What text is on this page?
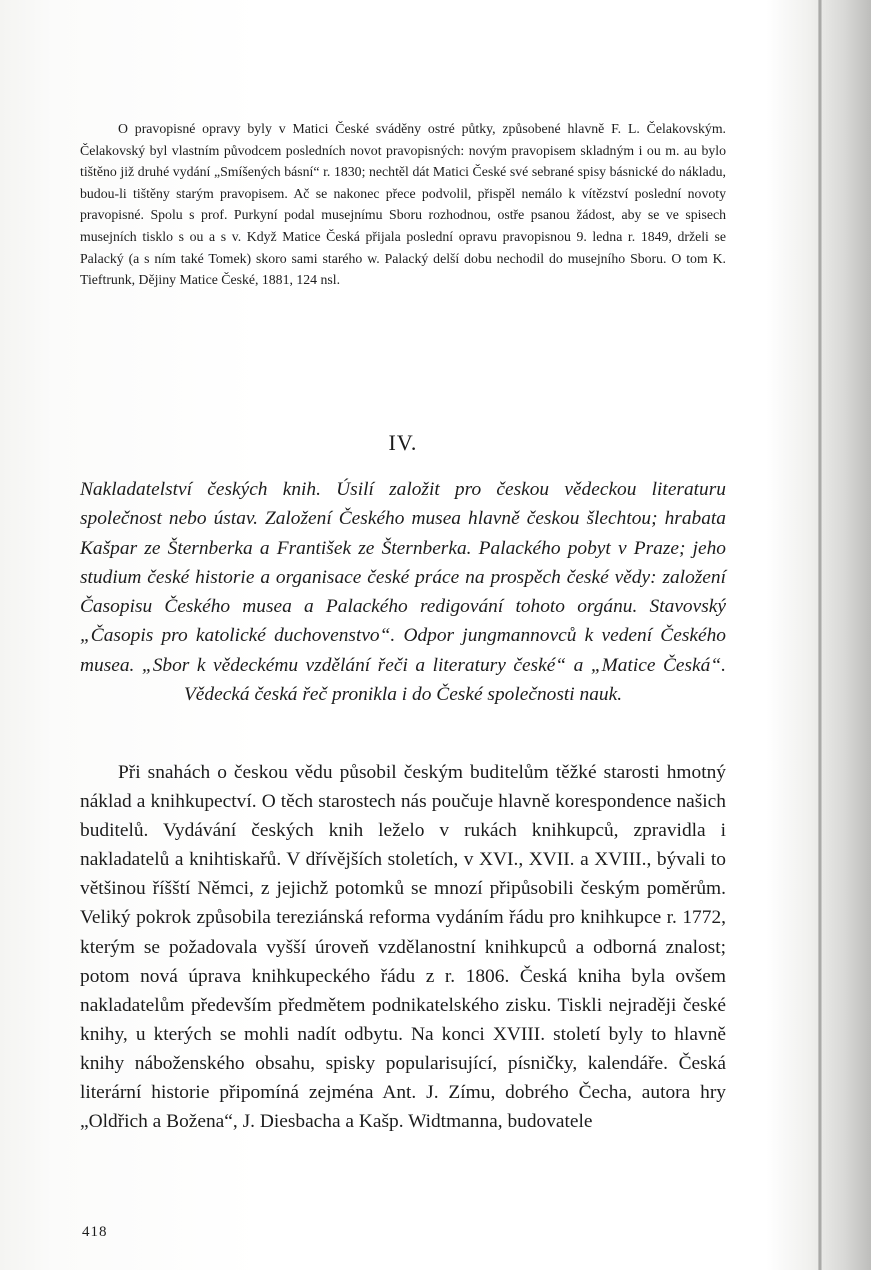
O pravopisné opravy byly v Matici České sváděny ostré půtky, způsobené hlavně F. L. Čelakovským. Čelakovský byl vlastním původcem posledních novot pravopisných: novým pravopisem skladným i ou m. au bylo tištěno již druhé vydání „Smíšených básní“ r. 1830; nechtěl dát Matici České své sebrané spisy básnické do nákladu, budou-li tištěny starým pravopisem. Ač se nakonec přece podvolil, přispěl nemálo k vítězství poslední novoty pravopisné. Spolu s prof. Purkyní podal musejnímu Sboru rozhodnou, ostře psanou žádost, aby se ve spisech musejních tisklo s ou a s v. Když Matice Česká přijala poslední opravu pravopisnou 9. ledna r. 1849, drželi se Palacký (a s ním také Tomek) skoro sami starého w. Palacký delší dobu nechodil do musejního Sboru. O tom K. Tieftrunk, Dějiny Matice České, 1881, 124 nsl.
IV.
Nakladatelství českých knih. Úsilí založit pro českou vědeckou literaturu společnost nebo ústav. Založení Českého musea hlavně českou šlechtou; hrabata Kašpar ze Šternberka a František ze Šternberka. Palackého pobyt v Praze; jeho studium české historie a organisace české práce na prospěch české vědy: založení Časopisu Českého musea a Palackého redigování tohoto orgánu. Stavovský „Časopis pro katolické duchovenstvo“. Odpor jungmannovců k vedení Českého musea. „Sbor k vědeckému vzdělání řeči a literatury české“ a „Matice Česká“. Vědecká česká řeč pronikla i do České společnosti nauk.
Při snahách o českou vědu působil českým buditelům těžké starosti hmotný náklad a knihkupectví. O těch starostech nás poučuje hlavně korespondence našich buditelů. Vydávání českých knih leželo v rukách knihkupců, zpravidla i nakladatelů a knihtiskařů. V dřívějších stoletích, v XVI., XVII. a XVIII., bývali to většinou říšští Němci, z jejichž potomků se mnozí připůsobili českým poměrům. Veliký pokrok způsobila tereziánská reforma vydáním řádu pro knihkupce r. 1772, kterým se požadovala vyšší úroveň vzdělanostní knihkupců a odborná znalost; potom nová úprava knihkupeckého řádu z r. 1806. Česká kniha byla ovšem nakladatelům především předmětem podnikatelského zisku. Tiskli nejraději české knihy, u kterých se mohli nadít odbytu. Na konci XVIII. století byly to hlavně knihy náboženského obsahu, spisky popularisující, písničky, kalendáře. Česká literární historie připomíná zejména Ant. J. Zímu, dobrého Čecha, autora hry „Oldřich a Božena“, J. Diesbacha a Kašp. Widtmanna, budovatele
418
